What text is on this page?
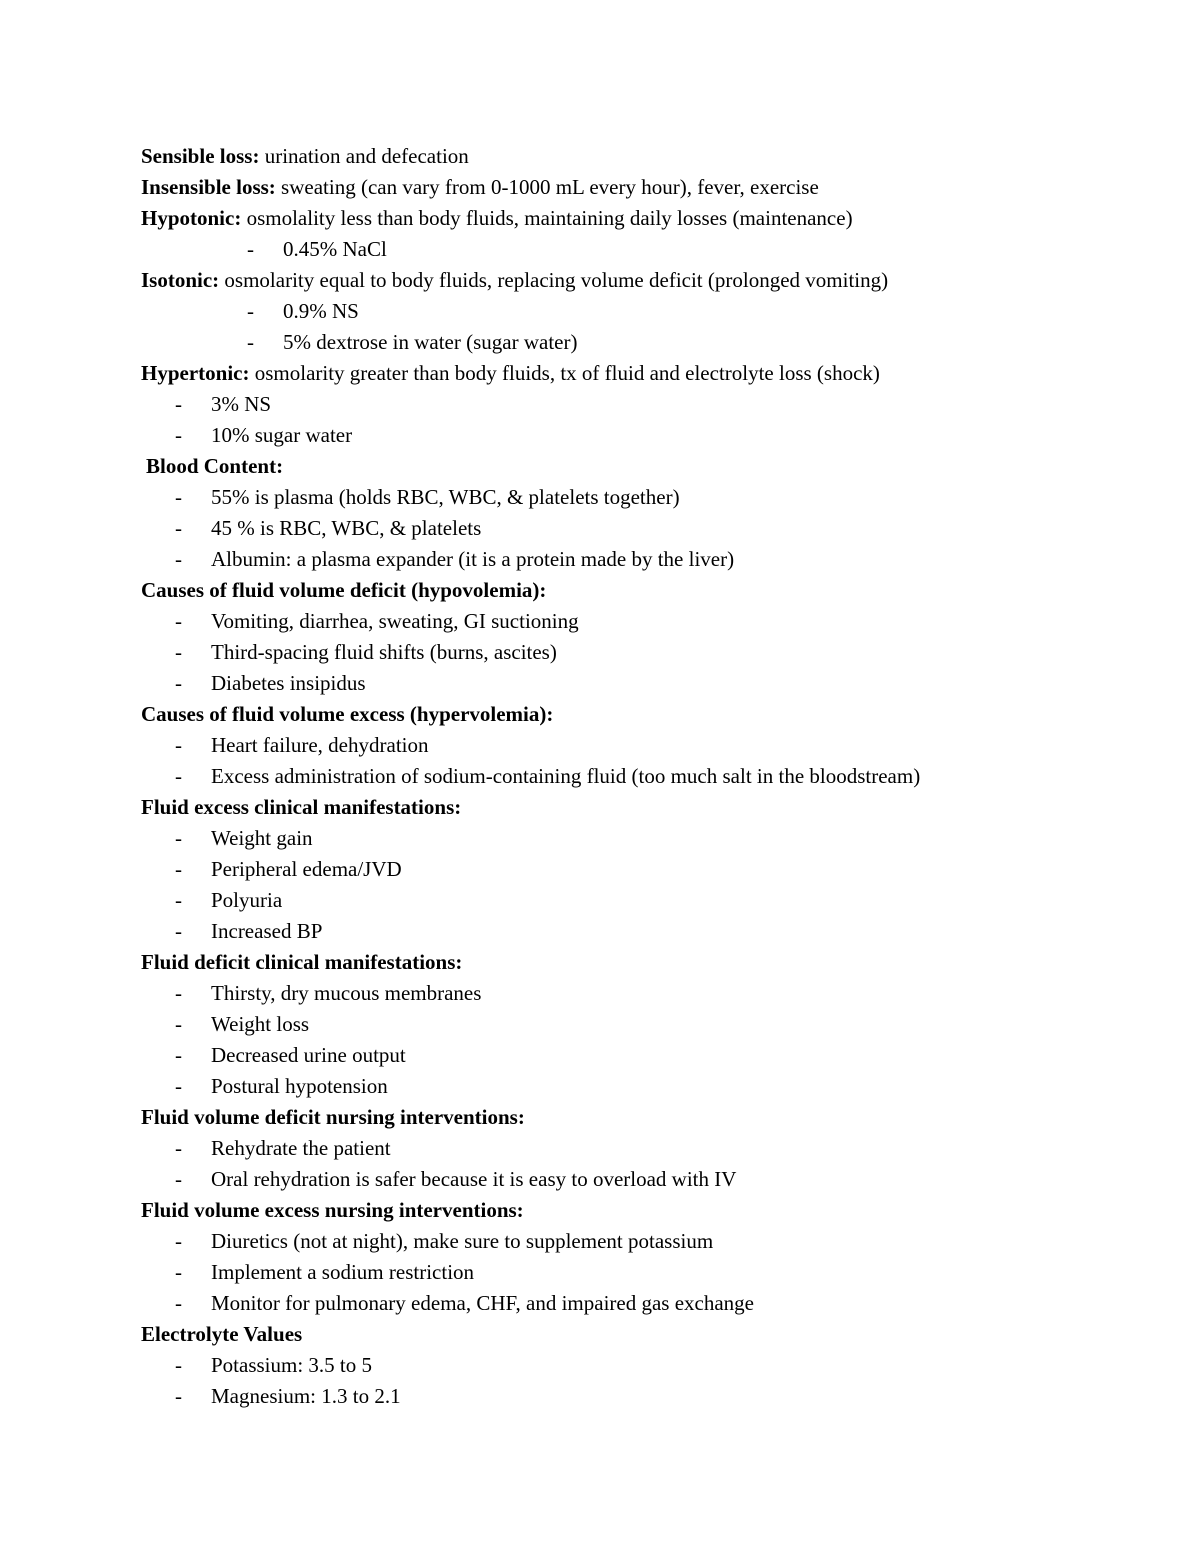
Sensible loss: urination and defecation
Insensible loss: sweating (can vary from 0-1000 mL every hour), fever, exercise
Hypotonic: osmolality less than body fluids, maintaining daily losses (maintenance)
- 0.45% NaCl
Isotonic: osmolarity equal to body fluids, replacing volume deficit (prolonged vomiting)
- 0.9% NS
- 5% dextrose in water (sugar water)
Hypertonic: osmolarity greater than body fluids, tx of fluid and electrolyte loss (shock)
- 3% NS
- 10% sugar water
Blood Content:
- 55% is plasma (holds RBC, WBC, & platelets together)
- 45 % is RBC, WBC, & platelets
- Albumin: a plasma expander (it is a protein made by the liver)
Causes of fluid volume deficit (hypovolemia):
- Vomiting, diarrhea, sweating, GI suctioning
- Third-spacing fluid shifts (burns, ascites)
- Diabetes insipidus
Causes of fluid volume excess (hypervolemia):
- Heart failure, dehydration
- Excess administration of sodium-containing fluid (too much salt in the bloodstream)
Fluid excess clinical manifestations:
- Weight gain
- Peripheral edema/JVD
- Polyuria
- Increased BP
Fluid deficit clinical manifestations:
- Thirsty, dry mucous membranes
- Weight loss
- Decreased urine output
- Postural hypotension
Fluid volume deficit nursing interventions:
- Rehydrate the patient
- Oral rehydration is safer because it is easy to overload with IV
Fluid volume excess nursing interventions:
- Diuretics (not at night), make sure to supplement potassium
- Implement a sodium restriction
- Monitor for pulmonary edema, CHF, and impaired gas exchange
Electrolyte Values
- Potassium: 3.5 to 5
- Magnesium: 1.3 to 2.1
